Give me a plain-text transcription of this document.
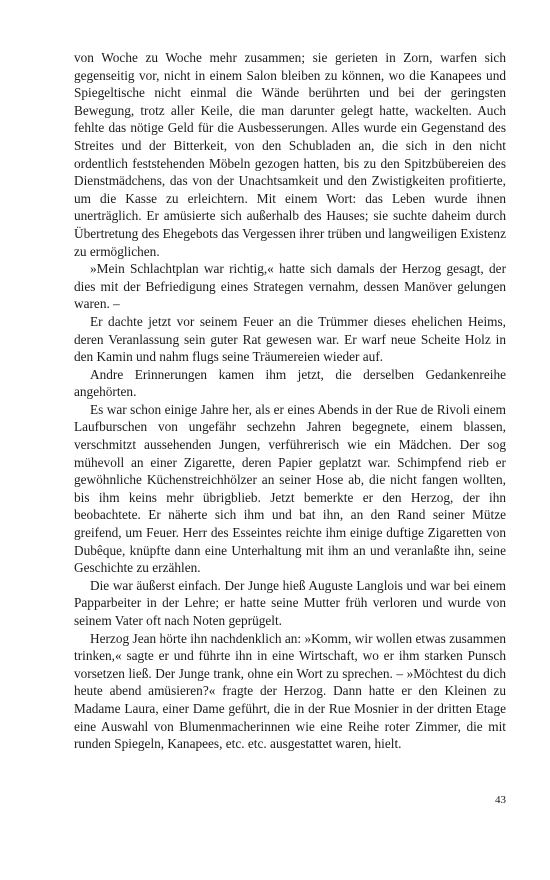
von Woche zu Woche mehr zusammen; sie gerieten in Zorn, warfen sich gegenseitig vor, nicht in einem Salon bleiben zu können, wo die Kanapees und Spiegeltische nicht einmal die Wände berührten und bei der geringsten Bewegung, trotz aller Keile, die man darunter gelegt hatte, wackelten. Auch fehlte das nötige Geld für die Ausbesserungen. Alles wurde ein Gegenstand des Streites und der Bitterkeit, von den Schubladen an, die sich in den nicht ordentlich feststehenden Möbeln gezogen hatten, bis zu den Spitzbübereien des Dienstmädchens, das von der Unachtsamkeit und den Zwistigkeiten profitierte, um die Kasse zu erleichtern. Mit einem Wort: das Leben wurde ihnen unerträglich. Er amüsierte sich außerhalb des Hauses; sie suchte daheim durch Übertretung des Ehegebots das Vergessen ihrer trüben und langweiligen Existenz zu ermöglichen.

»Mein Schlachtplan war richtig,« hatte sich damals der Herzog gesagt, der dies mit der Befriedigung eines Strategen vernahm, dessen Manöver gelungen waren. –

Er dachte jetzt vor seinem Feuer an die Trümmer dieses ehelichen Heims, deren Veranlassung sein guter Rat gewesen war. Er warf neue Scheite Holz in den Kamin und nahm flugs seine Träumereien wieder auf.

Andre Erinnerungen kamen ihm jetzt, die derselben Gedankenreihe angehörten.

Es war schon einige Jahre her, als er eines Abends in der Rue de Rivoli einem Laufburschen von ungefähr sechzehn Jahren begegnete, einem blassen, verschmitzt aussehenden Jungen, verführerisch wie ein Mädchen. Der sog mühevoll an einer Zigarette, deren Papier geplatzt war. Schimpfend rieb er gewöhnliche Küchenstreichhölzer an seiner Hose ab, die nicht fangen wollten, bis ihm keins mehr übrigblieb. Jetzt bemerkte er den Herzog, der ihn beobachtete. Er näherte sich ihm und bat ihn, an den Rand seiner Mütze greifend, um Feuer. Herr des Esseintes reichte ihm einige duftige Zigaretten von Dubêque, knüpfte dann eine Unterhaltung mit ihm an und veranlaßte ihn, seine Geschichte zu erzählen.

Die war äußerst einfach. Der Junge hieß Auguste Langlois und war bei einem Papparbeiter in der Lehre; er hatte seine Mutter früh verloren und wurde von seinem Vater oft nach Noten geprügelt.

Herzog Jean hörte ihn nachdenklich an: »Komm, wir wollen etwas zusammen trinken,« sagte er und führte ihn in eine Wirtschaft, wo er ihm starken Punsch vorsetzen ließ. Der Junge trank, ohne ein Wort zu sprechen. – »Möchtest du dich heute abend amüsieren?« fragte der Herzog. Dann hatte er den Kleinen zu Madame Laura, einer Dame geführt, die in der Rue Mosnier in der dritten Etage eine Auswahl von Blumenmacherinnen wie eine Reihe roter Zimmer, die mit runden Spiegeln, Kanapees, etc. etc. ausgestattet waren, hielt.

43
